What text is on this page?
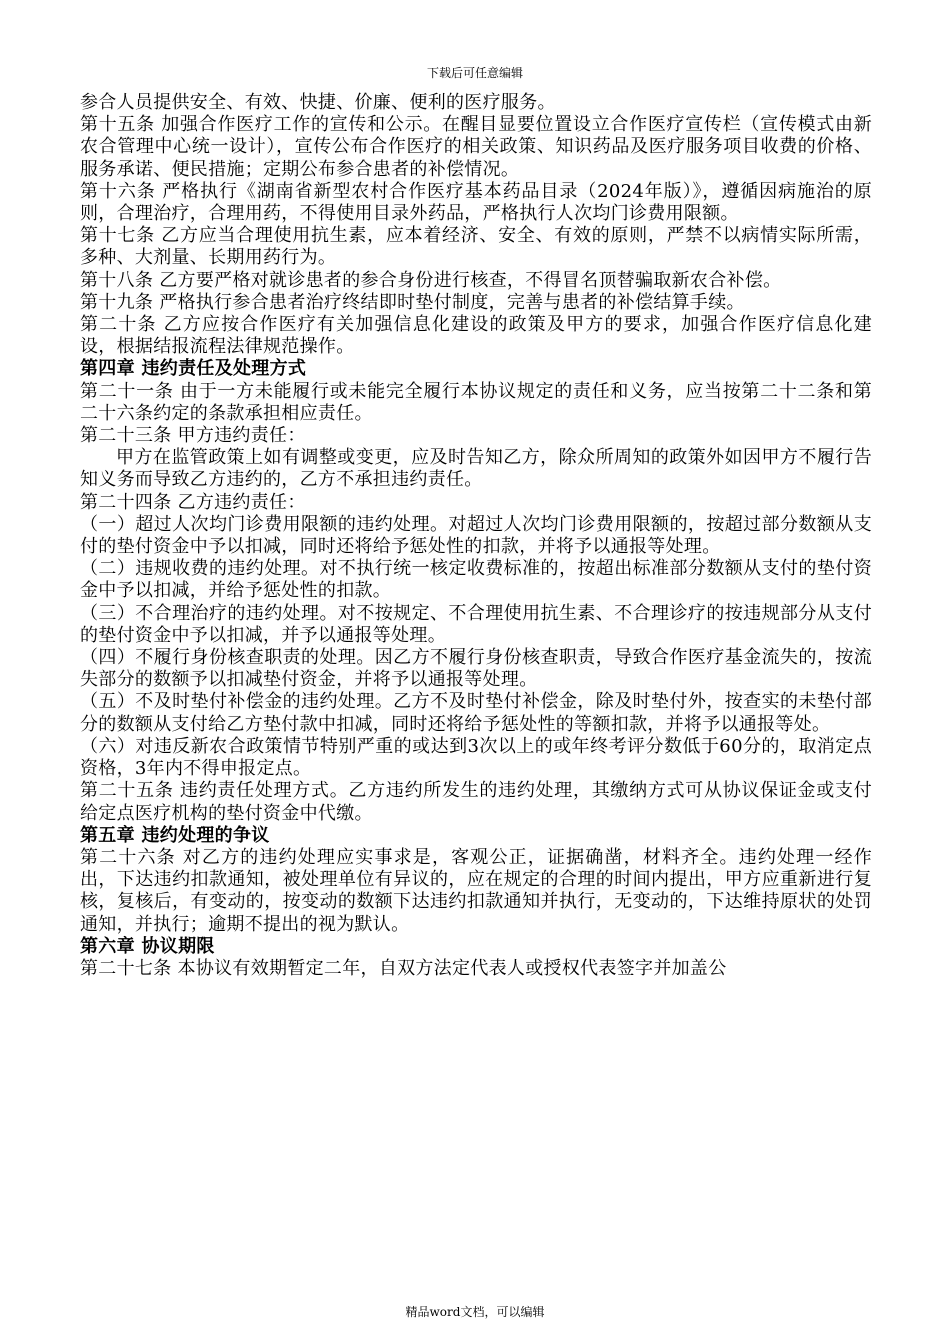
下载后可任意编辑

参合人员提供安全、有效、快捷、价廉、便利的医疗服务。

第十五条 加强合作医疗工作的宣传和公示。在醒目显要位置设立合作医疗宣传栏（宣传模式由新农合管理中心统一设计），宣传公布合作医疗的相关政策、知识药品及医疗服务项目收费的价格、服务承诺、便民措施；定期公布参合患者的补偿情况。

第十六条 严格执行《湖南省新型农村合作医疗基本药品目录（2024年版）》，遵循因病施治的原则，合理治疗，合理用药，不得使用目录外药品，严格执行人次均门诊费用限额。

第十七条 乙方应当合理使用抗生素，应本着经济、安全、有效的原则，严禁不以病情实际所需，多种、大剂量、长期用药行为。

第十八条 乙方要严格对就诊患者的参合身份进行核查，不得冒名顶替骗取新农合补偿。

第十九条 严格执行参合患者治疗终结即时垫付制度，完善与患者的补偿结算手续。

第二十条 乙方应按合作医疗有关加强信息化建设的政策及甲方的要求，加强合作医疗信息化建设，根据结报流程法律规范操作。

第四章 违约责任及处理方式

第二十一条 由于一方未能履行或未能完全履行本协议规定的责任和义务，应当按第二十二条和第二十六条约定的条款承担相应责任。

第二十三条 甲方违约责任：

甲方在监管政策上如有调整或变更，应及时告知乙方，除众所周知的政策外如因甲方不履行告知义务而导致乙方违约的，乙方不承担违约责任。

第二十四条 乙方违约责任：

（一）超过人次均门诊费用限额的违约处理。对超过人次均门诊费用限额的，按超过部分数额从支付的垫付资金中予以扣减，同时还将给予惩处性的扣款，并将予以通报等处理。

（二）违规收费的违约处理。对不执行统一核定收费标准的，按超出标准部分数额从支付的垫付资金中予以扣减，并给予惩处性的扣款。

（三）不合理治疗的违约处理。对不按规定、不合理使用抗生素、不合理诊疗的按违规部分从支付的垫付资金中予以扣减，并予以通报等处理。

（四）不履行身份核查职责的处理。因乙方不履行身份核查职责，导致合作医疗基金流失的，按流失部分的数额予以扣减垫付资金，并将予以通报等处理。

（五）不及时垫付补偿金的违约处理。乙方不及时垫付补偿金，除及时垫付外，按查实的未垫付部分的数额从支付给乙方垫付款中扣减，同时还将给予惩处性的等额扣款，并将予以通报等处。

（六）对违反新农合政策情节特别严重的或达到3次以上的或年终考评分数低于60分的，取消定点资格，3年内不得申报定点。

第二十五条 违约责任处理方式。乙方违约所发生的违约处理，其缴纳方式可从协议保证金或支付给定点医疗机构的垫付资金中代缴。

第五章 违约处理的争议

第二十六条 对乙方的违约处理应实事求是，客观公正，证据确凿，材料齐全。违约处理一经作出，下达违约扣款通知，被处理单位有异议的，应在规定的合理的时间内提出，甲方应重新进行复核，复核后，有变动的，按变动的数额下达违约扣款通知并执行，无变动的，下达维持原状的处罚通知，并执行；逾期不提出的视为默认。

第六章 协议期限

第二十七条 本协议有效期暂定二年，自双方法定代表人或授权代表签字并加盖公

精品word文档，可以编辑
